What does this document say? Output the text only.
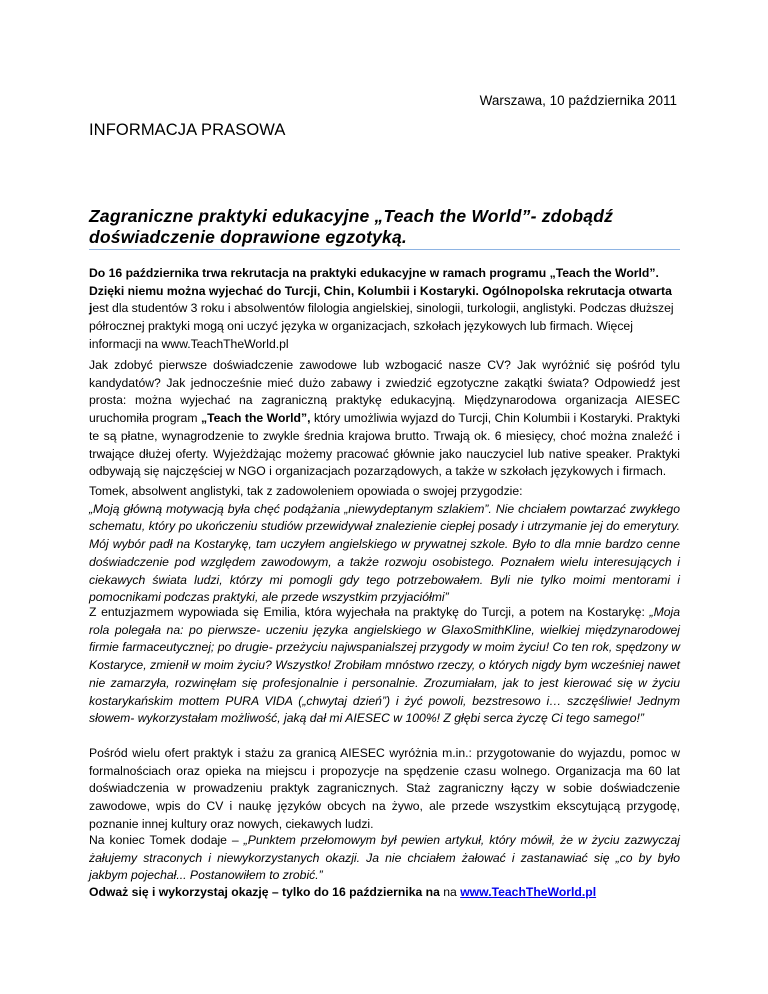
Warszawa, 10 października 2011
INFORMACJA PRASOWA
Zagraniczne praktyki edukacyjne „Teach the World”- zdobądź
doświadczenie doprawione egzotyką.
Do 16 października trwa rekrutacja na praktyki edukacyjne w ramach programu „Teach the World”. Dzięki niemu można wyjechać do Turcji, Chin, Kolumbii i Kostaryki. Ogólnopolska rekrutacja otwarta jest dla studentów 3 roku i absolwentów filologia angielskiej, sinologii, turkologii, anglistyki. Podczas dłuższej półrocznej praktyki mogą oni uczyć języka w organizacjach, szkołach językowych lub firmach. Więcej informacji na www.TeachTheWorld.pl
Jak zdobyć pierwsze doświadczenie zawodowe lub wzbogacić nasze CV? Jak wyróżnić się pośród tylu kandydatów? Jak jednocześnie mieć dużo zabawy i zwiedzić egzotyczne zakątki świata? Odpowiedź jest prosta: można wyjechać na zagraniczną praktykę edukacyjną. Międzynarodowa organizacja AIESEC uruchomiła program „Teach the World”, który umożliwia wyjazd do Turcji, Chin Kolumbii i Kostaryki. Praktyki te są płatne, wynagrodzenie to zwykle średnia krajowa brutto. Trwają ok. 6 miesięcy, choć można znaleźć i trwające dłużej oferty. Wyjeżdżając możemy pracować głównie jako nauczyciel lub native speaker. Praktyki odbywają się najczęściej w NGO i organizacjach pozarządowych, a także w szkołach językowych i firmach.
Tomek, absolwent anglistyki, tak z zadowoleniem opowiada o swojej przygodzie:
„Moją główną motywacją była chęć podążania „niewydeptanym szlakiem”. Nie chciałem powtarzać zwykłego schematu, który po ukończeniu studiów przewidywał znalezienie ciepłej posady i utrzymanie jej do emerytury. Mój wybór padł na Kostarykę, tam uczyłem angielskiego w prywatnej szkole. Było to dla mnie bardzo cenne doświadczenie pod względem zawodowym, a także rozwoju osobistego. Poznałem wielu interesujących i ciekawych świata ludzi, którzy mi pomogli gdy tego potrzebowałem. Byli nie tylko moimi mentorami i pomocnikami podczas praktyki, ale przede wszystkim przyjaciółmi”
Z entuzjazmem wypowiada się Emilia, która wyjechała na praktykę do Turcji, a potem na Kostarykę: „Moja rola polegała na: po pierwsze- uczeniu języka angielskiego w GlaxoSmithKline, wielkiej międzynarodowej firmie farmaceutycznej; po drugie- przeżyciu najwspanialszej przygody w moim życiu! Co ten rok, spędzony w Kostaryce, zmienił w moim życiu? Wszystko! Zrobiłam mnóstwo rzeczy, o których nigdy bym wcześniej nawet nie zamarzyła, rozwinęłam się profesjonalnie i personalnie. Zrozumiałam, jak to jest kierować się w życiu kostarykańskim mottem PURA VIDA („chwytaj dzień”) i żyć powoli, bezstresowo i… szczęśliwie! Jednym słowem- wykorzystałam możliwość, jaką dał mi AIESEC w 100%! Z głębi serca życzę Ci tego samego!”
Pośród wielu ofert praktyk i stażu za granicą AIESEC wyróżnia m.in.: przygotowanie do wyjazdu, pomoc w formalnościach oraz opieka na miejscu i propozycje na spędzenie czasu wolnego. Organizacja ma 60 lat doświadczenia w prowadzeniu praktyk zagranicznych. Staż zagraniczny łączy w sobie doświadczenie zawodowe, wpis do CV i naukę języków obcych na żywo, ale przede wszystkim ekscytującą przygodę, poznanie innej kultury oraz nowych, ciekawych ludzi.
Na koniec Tomek dodaje – „Punktem przełomowym był pewien artykuł, który mówił, że w życiu zazwyczaj żałujemy straconych i niewykorzystanych okazji. Ja nie chciałem żałować i zastanawiać się „co by było jakbym pojechał... Postanowiłem to zrobić.”
Odważ się i wykorzystaj okazję – tylko do 16 października na na www.TeachTheWorld.pl
